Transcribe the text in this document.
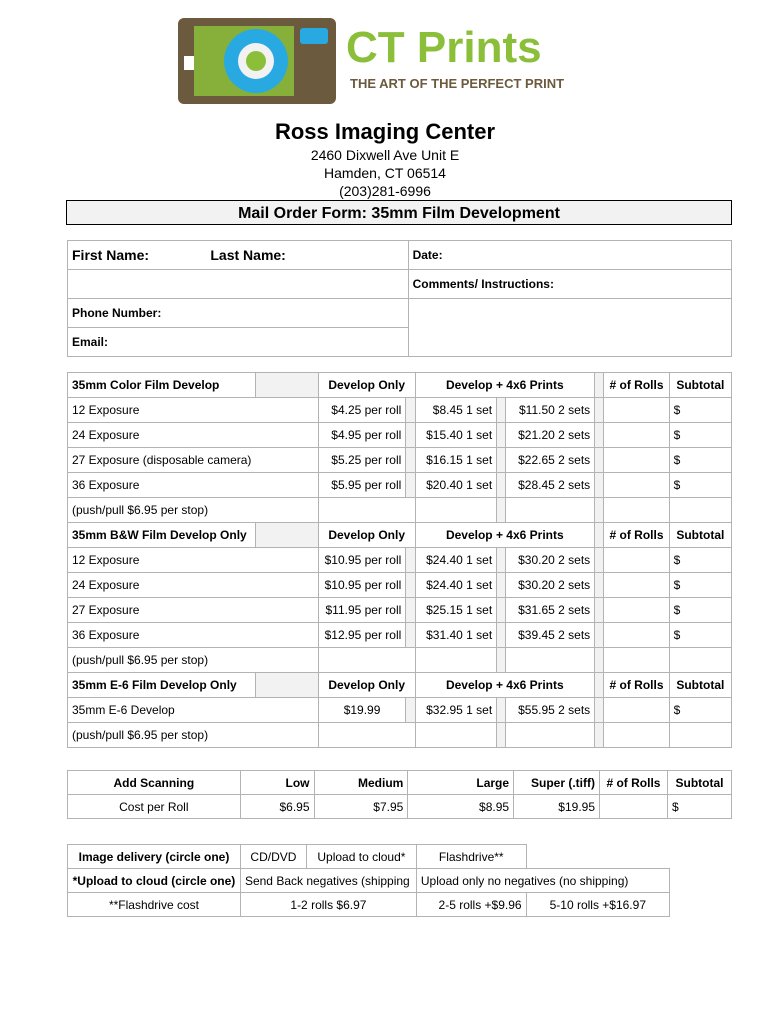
CT Prints
THE ART OF THE PERFECT PRINT
Ross Imaging Center
2460 Dixwell Ave Unit E
Hamden, CT 06514
(203)281-6996
Mail Order Form: 35mm Film Development
First Name: Last Name:	Date:
	Comments/ Instructions:
Phone Number:	
Email:	
35mm Color Film Develop		Develop Only		Develop + 4x6 Prints				# of Rolls	Subtotal
12 Exposure		$4.25 per roll		$8.45 1 set		$11.50 2 sets			$
24 Exposure		$4.95 per roll		$15.40 1 set		$21.20 2 sets			$
27 Exposure (disposable camera)		$5.25 per roll		$16.15 1 set		$22.65 2 sets			$
36 Exposure		$5.95 per roll		$20.40 1 set		$28.45 2 sets			$
(push/pull $6.95 per stop)									
35mm B&W Film Develop Only		Develop Only		Develop + 4x6 Prints				# of Rolls	Subtotal
12 Exposure		$10.95 per roll		$24.40 1 set		$30.20 2 sets			$
24 Exposure		$10.95 per roll		$24.40 1 set		$30.20 2 sets			$
27 Exposure		$11.95 per roll		$25.15 1 set		$31.65 2 sets			$
36 Exposure		$12.95 per roll		$31.40 1 set		$39.45 2 sets			$
(push/pull $6.95 per stop)									
35mm E-6 Film Develop Only		Develop Only		Develop + 4x6 Prints				# of Rolls	Subtotal
35mm E-6 Develop		$19.99		$32.95 1 set		$55.95 2 sets			$
(push/pull $6.95 per stop)									
Add Scanning	Low	Medium	Large	Super (.tiff)	# of Rolls	Subtotal
Cost per Roll	$6.95	$7.95	$8.95	$19.95		$
Image delivery (circle one)	CD/DVD	Upload to cloud*	Flashdrive**	
*Upload to cloud (circle one)	Send Back negatives (shipping		Upload only no negatives (no shipping)	
**Flashdrive cost	1-2 rolls $6.97		2-5 rolls +$9.96	5-10 rolls +$16.97
